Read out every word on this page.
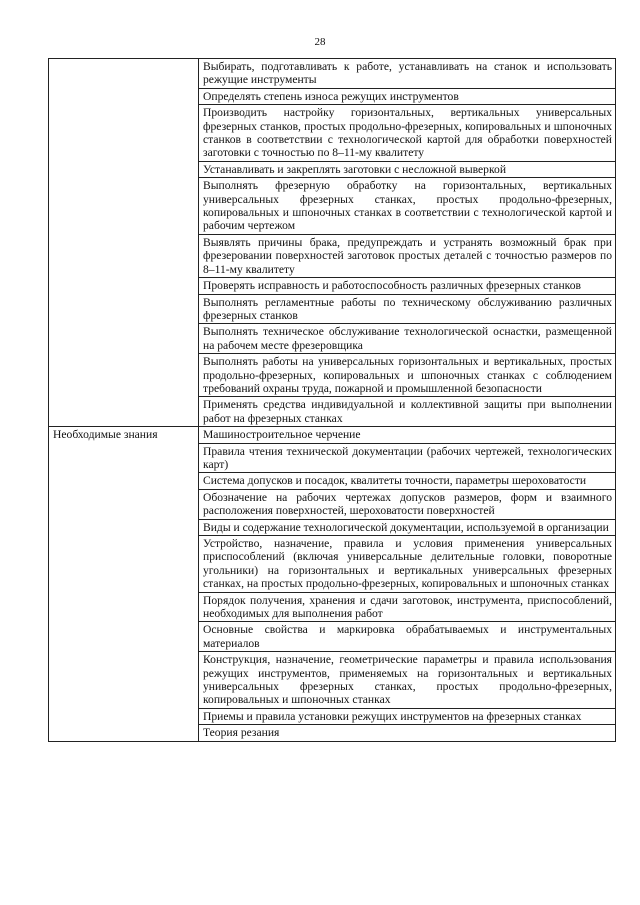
28
	Выбирать, подготавливать к работе, устанавливать на станок и использовать режущие инструменты
	Определять степень износа режущих инструментов
	Производить настройку горизонтальных, вертикальных универсальных фрезерных станков, простых продольно-фрезерных, копировальных и шпоночных станков в соответствии с технологической картой для обработки поверхностей заготовки с точностью по 8–11-му квалитету
	Устанавливать и закреплять заготовки с несложной выверкой
	Выполнять фрезерную обработку на горизонтальных, вертикальных универсальных фрезерных станках, простых продольно-фрезерных, копировальных и шпоночных станках в соответствии с технологической картой и рабочим чертежом
	Выявлять причины брака, предупреждать и устранять возможный брак при фрезеровании поверхностей заготовок простых деталей с точностью размеров по 8–11-му квалитету
	Проверять исправность и работоспособность различных фрезерных станков
	Выполнять регламентные работы по техническому обслуживанию различных фрезерных станков
	Выполнять техническое обслуживание технологической оснастки, размещенной на рабочем месте фрезеровщика
	Выполнять работы на универсальных горизонтальных и вертикальных, простых продольно-фрезерных, копировальных и шпоночных станках с соблюдением требований охраны труда, пожарной и промышленной безопасности
	Применять средства индивидуальной и коллективной защиты при выполнении работ на фрезерных станках
Необходимые знания	Машиностроительное черчение
	Правила чтения технической документации (рабочих чертежей, технологических карт)
	Система допусков и посадок, квалитеты точности, параметры шероховатости
	Обозначение на рабочих чертежах допусков размеров, форм и взаимного расположения поверхностей, шероховатости поверхностей
	Виды и содержание технологической документации, используемой в организации
	Устройство, назначение, правила и условия применения универсальных приспособлений (включая универсальные делительные головки, поворотные угольники) на горизонтальных и вертикальных универсальных фрезерных станках, на простых продольно-фрезерных, копировальных и шпоночных станках
	Порядок получения, хранения и сдачи заготовок, инструмента, приспособлений, необходимых для выполнения работ
	Основные свойства и маркировка обрабатываемых и инструментальных материалов
	Конструкция, назначение, геометрические параметры и правила использования режущих инструментов, применяемых на горизонтальных и вертикальных универсальных фрезерных станках, простых продольно-фрезерных, копировальных и шпоночных станках
	Приемы и правила установки режущих инструментов на фрезерных станках
	Теория резания
